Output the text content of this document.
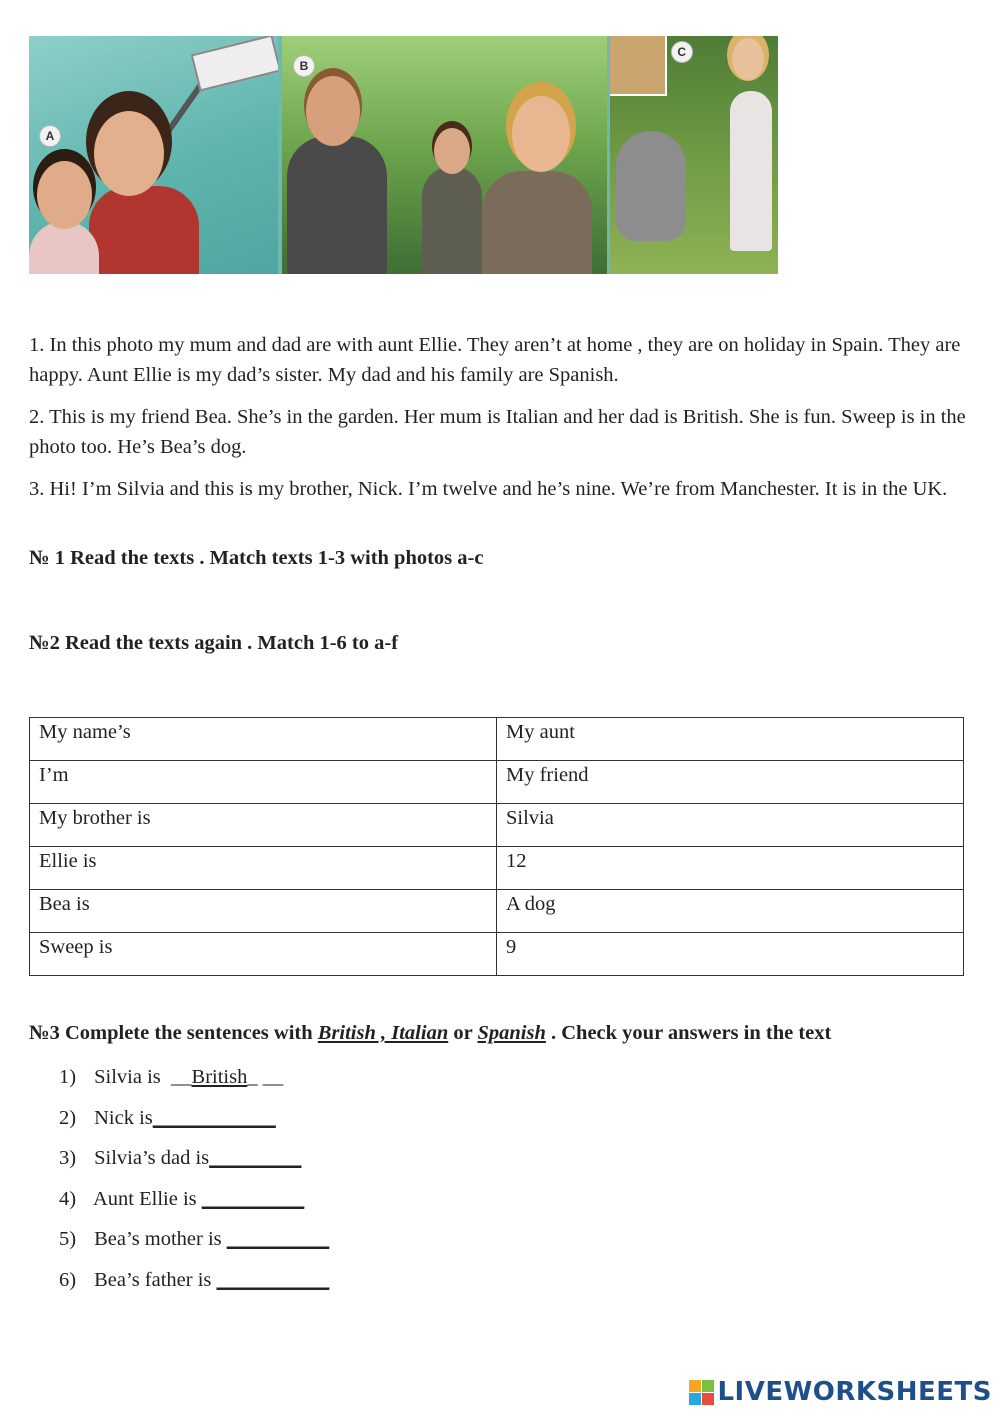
A
B
C

1. In this photo my mum and dad are with aunt Ellie. They aren’t at home , they are on holiday in Spain. They are happy. Aunt Ellie is my dad’s sister. My dad and his family are Spanish.

2. This is my friend Bea. She’s in the garden. Her mum is Italian and her dad is British. She is fun. Sweep is in the photo too. He’s Bea’s dog.

3. Hi! I’m Silvia and this is my brother, Nick. I’m twelve and he’s nine. We’re from Manchester. It is in the UK.

№ 1 Read the texts . Match texts 1-3 with photos a-c

№2 Read the texts again . Match 1-6 to a-f

My name’s	My aunt
I’m	My friend
My brother is	Silvia
Ellie is	12
Bea is	A dog
Sweep is	9

№3 Complete the sentences with British , Italian or Spanish . Check your answers in the text

1) Silvia is  __British_ __
2) Nick is____________
3) Silvia’s dad is_________
4) Aunt Ellie is __________
5) Bea’s mother is __________
6) Bea’s father is ___________
LIVEWORKSHEETS
